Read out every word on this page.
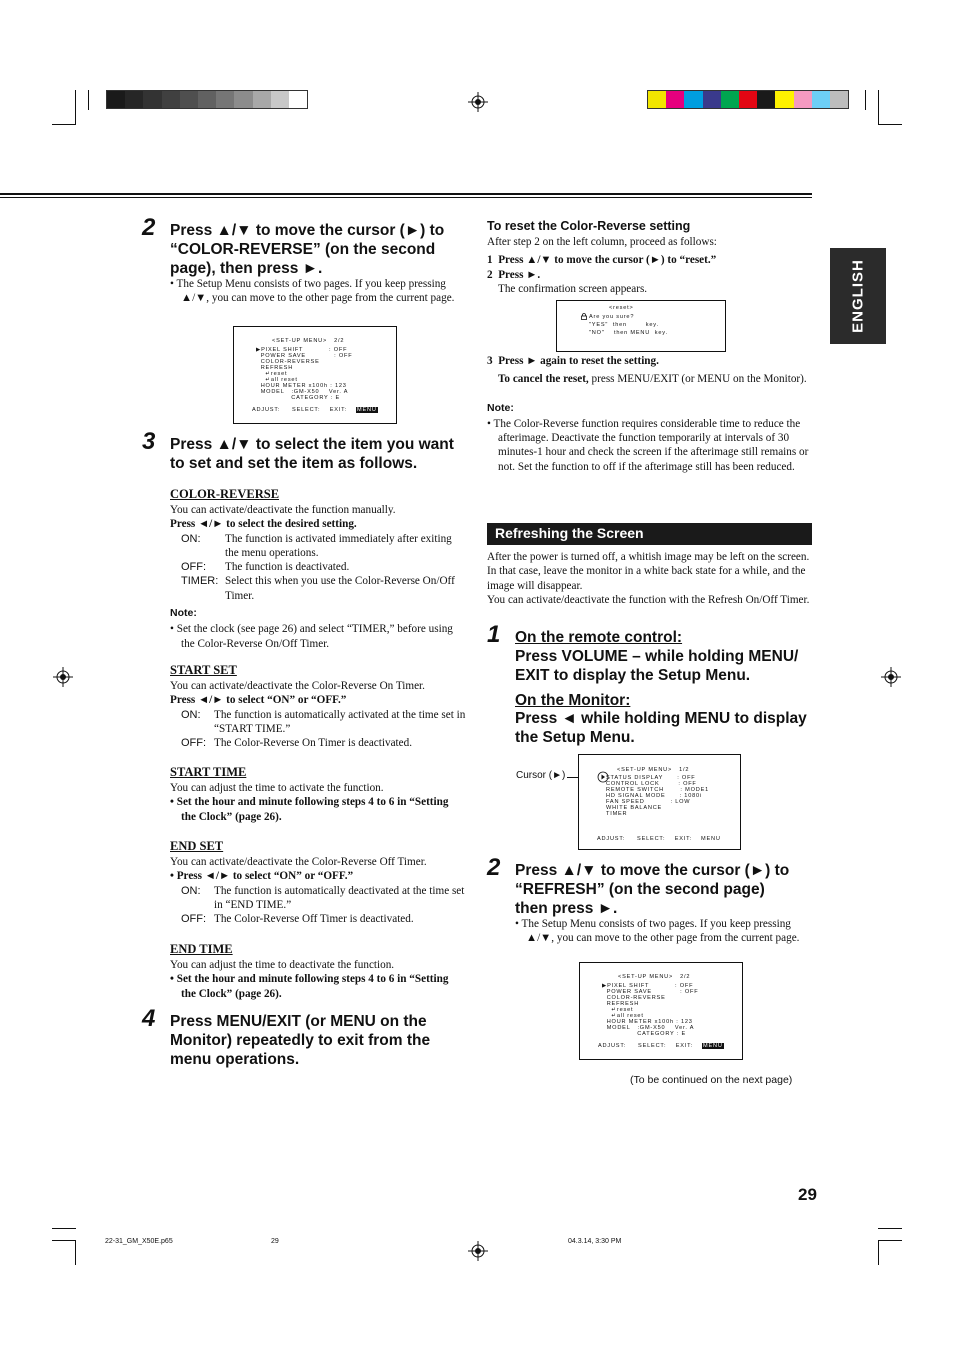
ENGLISH
2 Press ▲/▼ to move the cursor (►) to “COLOR-REVERSE” (on the second page), then press ►.

• The Setup Menu consists of two pages. If you keep pressing ▲/▼, you can move to the other page from the current page.

<SET-UP MENU>   2/2
▶PIXEL SHIFT           : OFF
POWER SAVE            : OFF
COLOR-REVERSE
REFRESH
↵reset
↵all reset
HOUR METER x100h : 123
MODEL   :GM-X50    Ver. A
CATEGORY : E
ADJUST:     SELECT:    EXIT: MENU
3 Press ▲/▼ to select the item you want to set and set the item as follows.
COLOR-REVERSE

You can activate/deactivate the function manually.

Press ◄/► to select the desired setting.

ON:	The function is activated immediately after exiting the menu operations.
OFF:	The function is deactivated.
TIMER: Select this when you use the Color-Reverse On/Off Timer.

Note:

• Set the clock (see page 26) and select “TIMER,” before using the Color-Reverse On/Off Timer.

START SET

You can activate/deactivate the Color-Reverse On Timer.

Press ◄/► to select “ON” or “OFF.”

ON:	The function is automatically activated at the time set in “START TIME.”
OFF: The Color-Reverse On Timer is deactivated.
START TIME

You can adjust the time to activate the function.

• Set the hour and minute following steps 4 to 6 in “Setting the Clock” (page 26).

END SET

You can activate/deactivate the Color-Reverse Off Timer.

• Press ◄/► to select “ON” or “OFF.”

ON:	The function is automatically deactivated at the time set in “END TIME.”
OFF: The Color-Reverse Off Timer is deactivated.
END TIME

You can adjust the time to deactivate the function.

• Set the hour and minute following steps 4 to 6 in “Setting the Clock” (page 26).

4 Press MENU/EXIT (or MENU on the Monitor) repeatedly to exit from the menu operations.
To reset the Color-Reverse setting

After step 2 on the left column, proceed as follows:

1 Press ▲/▼ to move the cursor (►) to “reset.”

2 Press ►.

The confirmation screen appears.

<reset>
Are you sure?
"YES"  then        key.
"NO"    then MENU  key.

3 Press ► again to reset the setting.

To cancel the reset, press MENU/EXIT (or MENU on the Monitor).

Note:

• The Color-Reverse function requires considerable time to reduce the afterimage. Deactivate the function temporarily at intervals of 30 minutes-1 hour and check the screen if the afterimage still remains or not. Set the function to off if the afterimage still has been reduced.

Refreshing the Screen

After the power is turned off, a whitish image may be left on the screen. In that case, leave the monitor in a white back state for a while, and the image will disappear.

You can activate/deactivate the function with the Refresh On/Off Timer.

1 On the remote control:
Press VOLUME – while holding MENU/ EXIT to display the Setup Menu.
On the Monitor:
Press ◄ while holding MENU to display the Setup Menu.
Cursor (►)	<SET-UP MENU>   1/2
STATUS DISPLAY      : OFF
CONTROL LOCK        : OFF
REMOTE SWITCH       : MODE1
HD SIGNAL MODE      : 1080i
FAN SPEED           : LOW
WHITE BALANCE
TIMER
ADJUST:     SELECT:    EXIT: MENU
2 Press ▲/▼ to move the cursor (►) to “REFRESH” (on the second page) then press ►.

• The Setup Menu consists of two pages. If you keep pressing ▲/▼, you can move to the other page from the current page.

<SET-UP MENU>   2/2
▶PIXEL SHIFT           : OFF
POWER SAVE            : OFF
COLOR-REVERSE
REFRESH
↵reset
↵all reset
HOUR METER x100h : 123
MODEL   :GM-X50    Ver. A
CATEGORY : E
ADJUST:     SELECT:    EXIT: MENU
(To be continued on the next page)
29
22-31_GM_X50E.p65	29	04.3.14, 3:30 PM
